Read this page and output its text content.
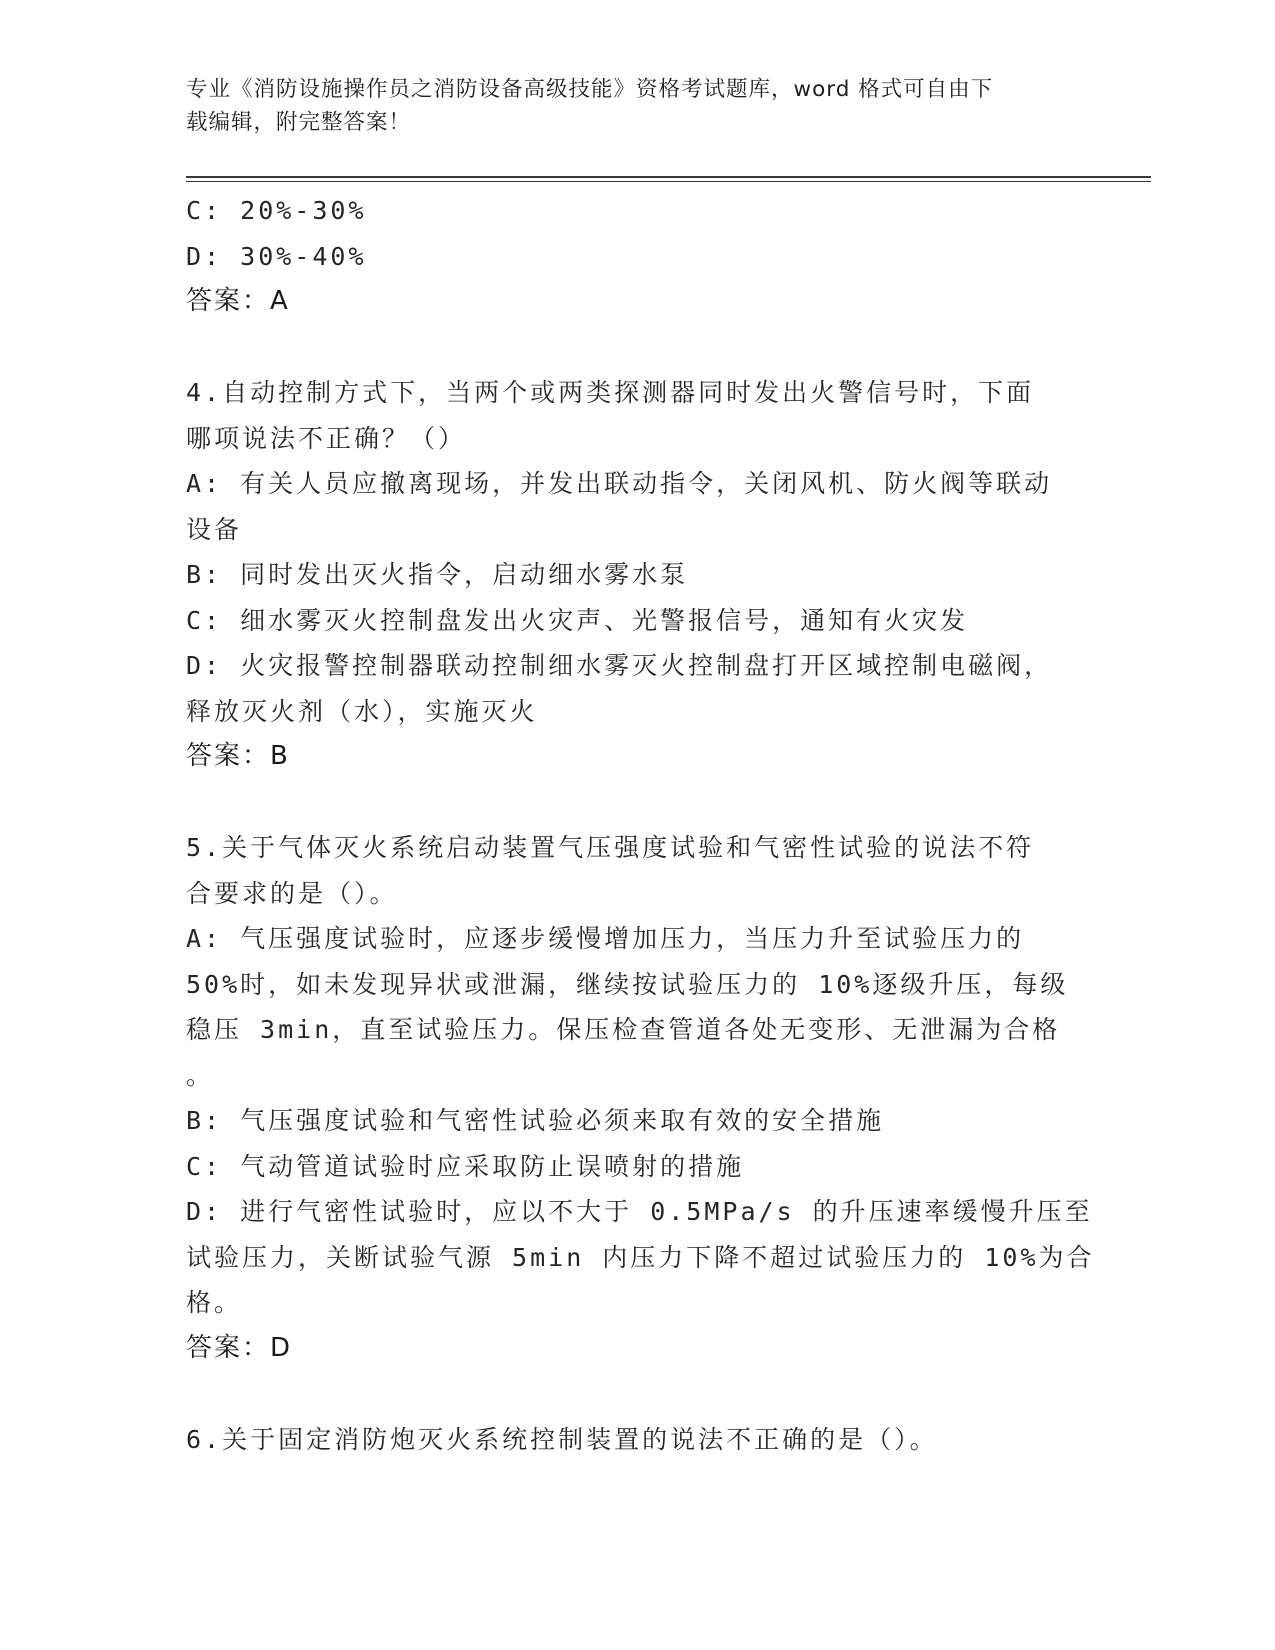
专业《消防设施操作员之消防设备高级技能》资格考试题库，word 格式可自由下
载编辑，附完整答案！
C: 20%-30%
D: 30%-40%
答案：A
4.自动控制方式下，当两个或两类探测器同时发出火警信号时，下面
哪项说法不正确？（）
A: 有关人员应撤离现场，并发出联动指令，关闭风机、防火阀等联动
设备
B: 同时发出灭火指令，启动细水雾水泵
C: 细水雾灭火控制盘发出火灾声、光警报信号，通知有火灾发
D: 火灾报警控制器联动控制细水雾灭火控制盘打开区域控制电磁阀，
释放灭火剂（水），实施灭火
答案：B
5.关于气体灭火系统启动装置气压强度试验和气密性试验的说法不符
合要求的是（）。
A: 气压强度试验时，应逐步缓慢增加压力，当压力升至试验压力的
50%时，如未发现异状或泄漏，继续按试验压力的 10%逐级升压，每级
稳压 3min，直至试验压力。保压检查管道各处无变形、无泄漏为合格
。
B: 气压强度试验和气密性试验必须来取有效的安全措施
C: 气动管道试验时应采取防止误喷射的措施
D: 进行气密性试验时，应以不大于 0.5MPa/s 的升压速率缓慢升压至
试验压力，关断试验气源 5min 内压力下降不超过试验压力的 10%为合
格。
答案：D
6.关于固定消防炮灭火系统控制装置的说法不正确的是（）。
